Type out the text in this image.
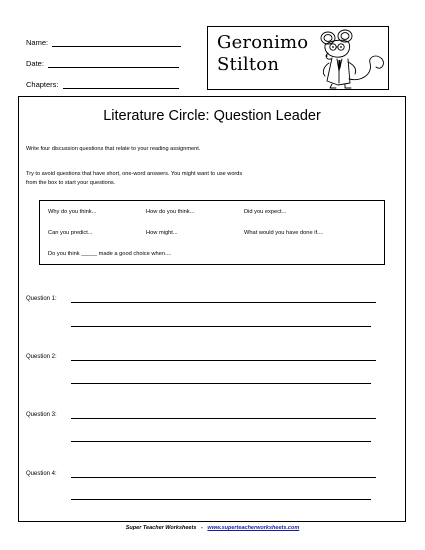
Name:
Date:
Chapters:
Geronimo
Stilton
Literature Circle: Question Leader
Write four discussion questions that relate to your reading assignment.
Try to avoid questions that have short, one-word answers. You might want to use words
from the box to start your questions.
Why do you think...	How do you think...	Did you expect...
Can you predict...	How might...	What would you have done if....
Do you think _____ made a good choice when....
Question 1:
Question 2:
Question 3:
Question 4:
Super Teacher Worksheets - www.superteacherworksheets.com
